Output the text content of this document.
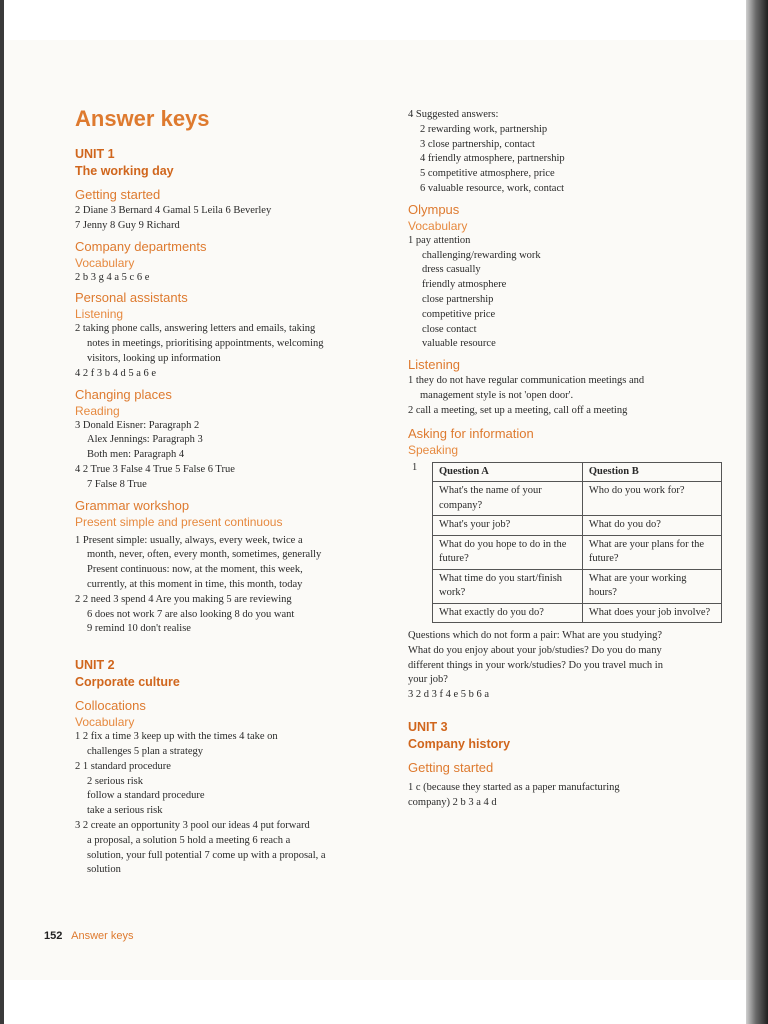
Answer keys

UNIT 1

The working day

Getting started

2 Diane 3 Bernard 4 Gamal 5 Leila 6 Beverley

7 Jenny 8 Guy 9 Richard

Company departments

Vocabulary

2 b 3 g 4 a 5 c 6 e

Personal assistants

Listening

2 taking phone calls, answering letters and emails, taking

notes in meetings, prioritising appointments, welcoming

visitors, looking up information

4 2 f 3 b 4 d 5 a 6 e

Changing places

Reading

3 Donald Eisner: Paragraph 2

Alex Jennings: Paragraph 3

Both men: Paragraph 4

4 2 True 3 False 4 True 5 False 6 True

7 False 8 True

Grammar workshop

Present simple and present continuous

1 Present simple: usually, always, every week, twice a

month, never, often, every month, sometimes, generally

Present continuous: now, at the moment, this week,

currently, at this moment in time, this month, today

2 2 need 3 spend 4 Are you making 5 are reviewing

6 does not work 7 are also looking 8 do you want

9 remind 10 don't realise

UNIT 2

Corporate culture

Collocations

Vocabulary

1 2 fix a time 3 keep up with the times 4 take on

challenges 5 plan a strategy

2 1 standard procedure

2 serious risk

follow a standard procedure

take a serious risk

3 2 create an opportunity 3 pool our ideas 4 put forward

a proposal, a solution 5 hold a meeting 6 reach a

solution, your full potential 7 come up with a proposal, a

solution

4 Suggested answers:

2 rewarding work, partnership

3 close partnership, contact

4 friendly atmosphere, partnership

5 competitive atmosphere, price

6 valuable resource, work, contact

Olympus

Vocabulary

1 pay attention

challenging/rewarding work

dress casually

friendly atmosphere

close partnership

competitive price

close contact

valuable resource

Listening

1 they do not have regular communication meetings and

management style is not 'open door'.

2 call a meeting, set up a meeting, call off a meeting

Asking for information

Speaking

1 Question A	Question B
What's the name of your company?	Who do you work for?
What's your job?	What do you do?
What do you hope to do in the future?	What are your plans for the future?
What time do you start/finish work?	What are your working hours?
What exactly do you do?	What does your job involve?

Questions which do not form a pair: What are you studying?

What do you enjoy about your job/studies? Do you do many

different things in your work/studies? Do you travel much in

your job?

3 2 d 3 f 4 e 5 b 6 a

UNIT 3

Company history

Getting started

1 c (because they started as a paper manufacturing

company) 2 b 3 a 4 d

152 Answer keys
